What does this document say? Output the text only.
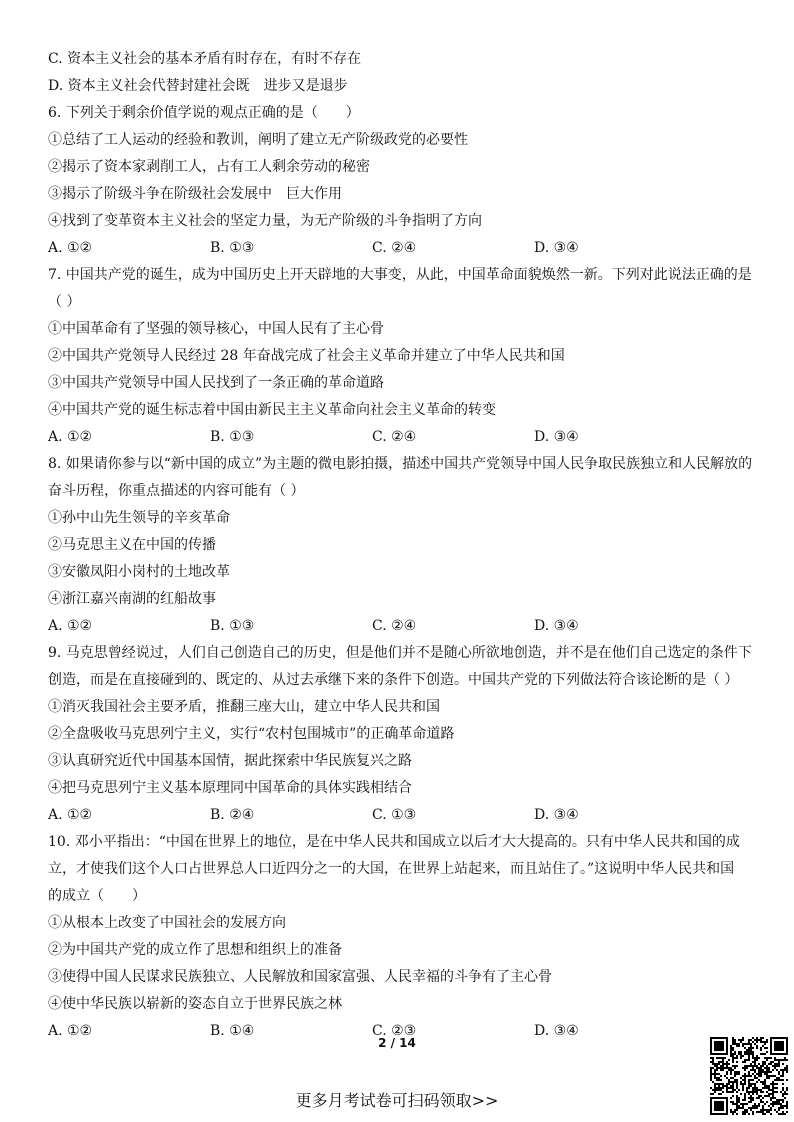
C. 资本主义社会的基本矛盾有时存在，有时不存在
D. 资本主义社会代替封建社会既　进步又是退步
6. 下列关于剩余价值学说的观点正确的是（　　）
①总结了工人运动的经验和教训，阐明了建立无产阶级政党的必要性
②揭示了资本家剥削工人，占有工人剩余劳动的秘密
③揭示了阶级斗争在阶级社会发展中　巨大作用
④找到了变革资本主义社会的坚定力量，为无产阶级的斗争指明了方向
A. ①②	B. ①③	C. ②④	D. ③④
7. 中国共产党的诞生，成为中国历史上开天辟地的大事变，从此，中国革命面貌焕然一新。下列对此说法正确的是
（ ）
①中国革命有了坚强的领导核心，中国人民有了主心骨
②中国共产党领导人民经过 28 年奋战完成了社会主义革命并建立了中华人民共和国
③中国共产党领导中国人民找到了一条正确的革命道路
④中国共产党的诞生标志着中国由新民主主义革命向社会主义革命的转变
A. ①②	B. ①③	C. ②④	D. ③④
8. 如果请你参与以“新中国的成立”为主题的微电影拍摄，描述中国共产党领导中国人民争取民族独立和人民解放的
奋斗历程，你重点描述的内容可能有（ ）
①孙中山先生领导的辛亥革命
②马克思主义在中国的传播
③安徽凤阳小岗村的土地改革
④浙江嘉兴南湖的红船故事
A. ①②	B. ①③	C. ②④	D. ③④
9. 马克思曾经说过，人们自己创造自己的历史，但是他们并不是随心所欲地创造，并不是在他们自己选定的条件下
创造，而是在直接碰到的、既定的、从过去承继下来的条件下创造。中国共产党的下列做法符合该论断的是（ ）
①消灭我国社会主要矛盾，推翻三座大山，建立中华人民共和国
②全盘吸收马克思列宁主义，实行“农村包围城市”的正确革命道路
③认真研究近代中国基本国情，据此探索中华民族复兴之路
④把马克思列宁主义基本原理同中国革命的具体实践相结合
A. ①②	B. ②④	C. ①③	D. ③④
10. 邓小平指出：“中国在世界上的地位，是在中华人民共和国成立以后才大大提高的。只有中华人民共和国的成
立，才使我们这个人口占世界总人口近四分之一的大国，在世界上站起来，而且站住了。”这说明中华人民共和国
的成立（　　）
①从根本上改变了中国社会的发展方向
②为中国共产党的成立作了思想和组织上的准备
③使得中国人民谋求民族独立、人民解放和国家富强、人民幸福的斗争有了主心骨
④使中华民族以崭新的姿态自立于世界民族之林
A. ①②	B. ①④	C. ②③	D. ③④
2 / 14
更多月考试卷可扫码领取>>
